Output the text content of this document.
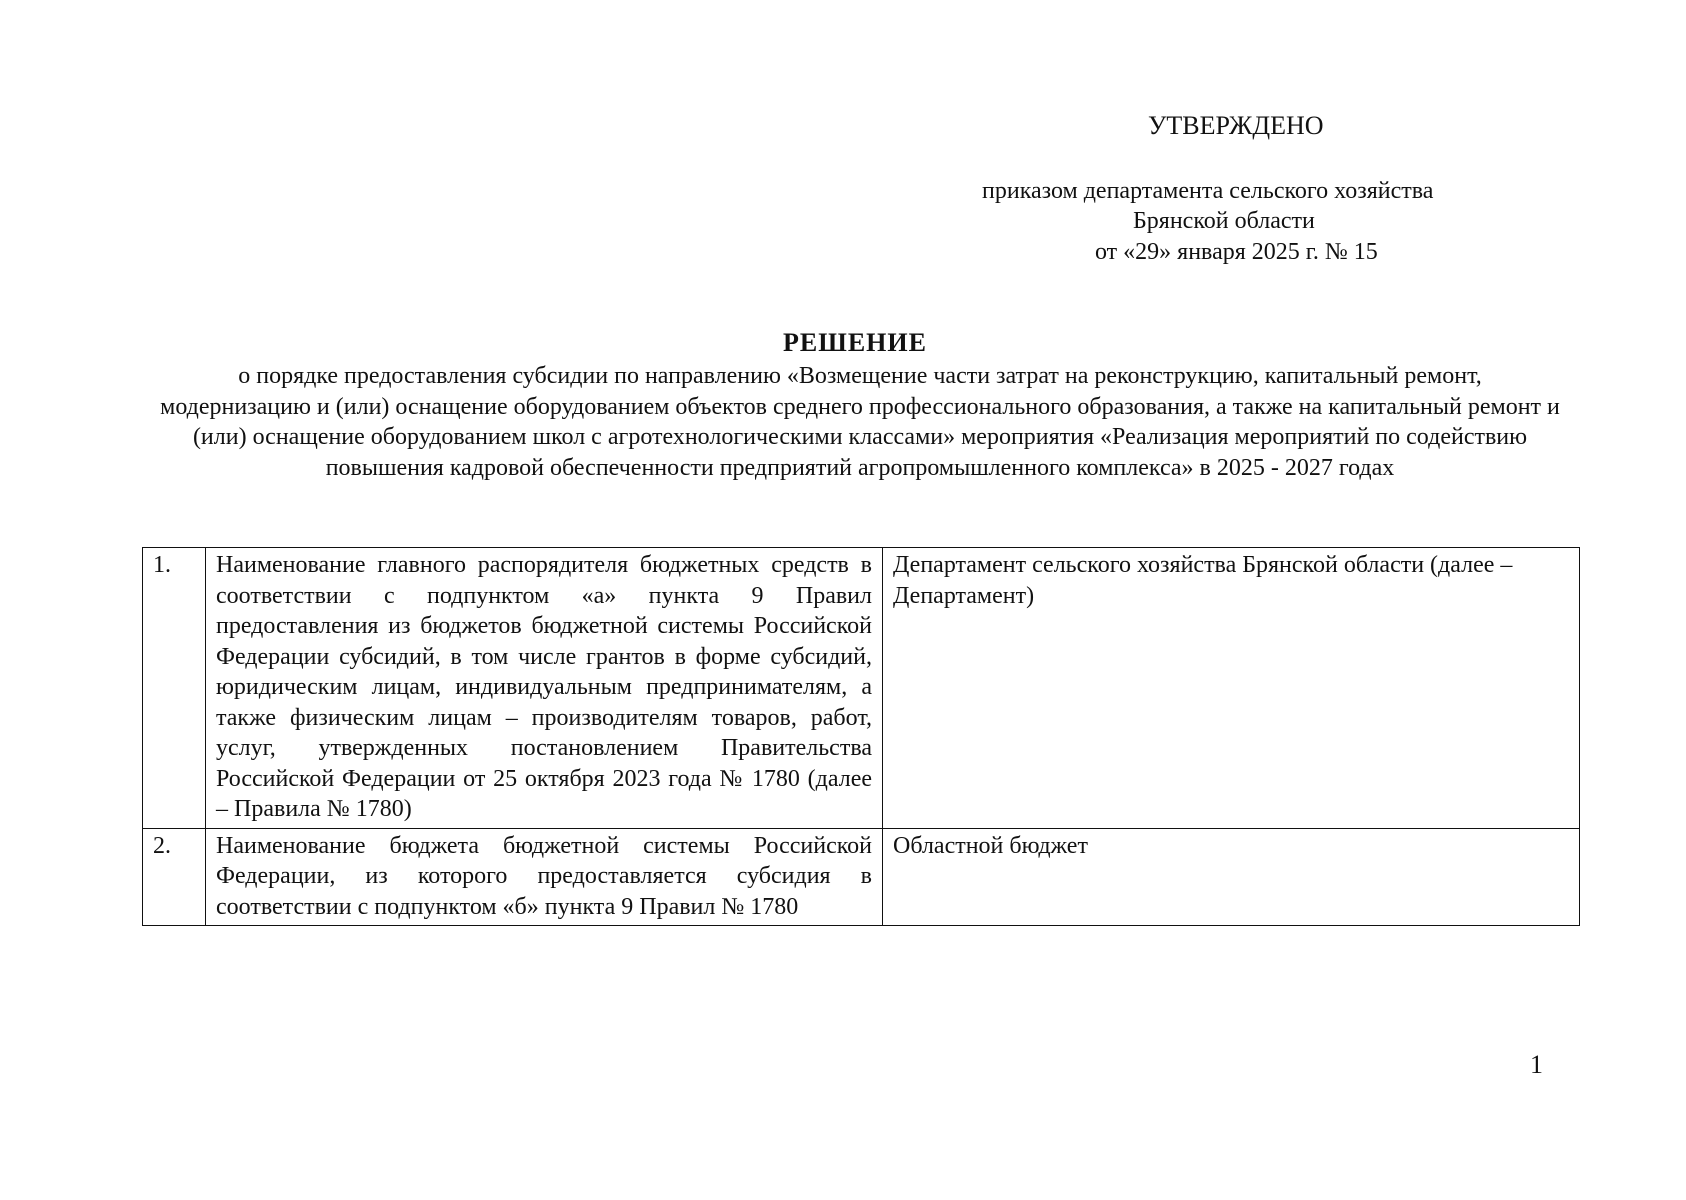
УТВЕРЖДЕНО
приказом департамента сельского хозяйства
Брянской области
от «29» января 2025 г. № 15
РЕШЕНИЕ
о порядке предоставления субсидии по направлению «Возмещение части затрат на реконструкцию, капитальный ремонт, модернизацию и (или) оснащение оборудованием объектов среднего профессионального образования, а также на капитальный ремонт и (или) оснащение оборудованием школ с агротехнологическими классами» мероприятия «Реализация мероприятий по содействию повышения кадровой обеспеченности предприятий агропромышленного комплекса» в 2025 - 2027 годах
1.	Наименование главного распорядителя бюджетных средств в соответствии с подпунктом «а» пункта 9 Правил предоставления из бюджетов бюджетной системы Российской Федерации субсидий, в том числе грантов в форме субсидий, юридическим лицам, индивидуальным предпринимателям, а также физическим лицам – производителям товаров, работ, услуг, утвержденных постановлением Правительства Российской Федерации от 25 октября 2023 года № 1780 (далее – Правила № 1780)	Департамент сельского хозяйства Брянской области (далее – Департамент)
2.	Наименование бюджета бюджетной системы Российской Федерации, из которого предоставляется субсидия в соответствии с подпунктом «б» пункта 9 Правил № 1780	Областной бюджет
1
